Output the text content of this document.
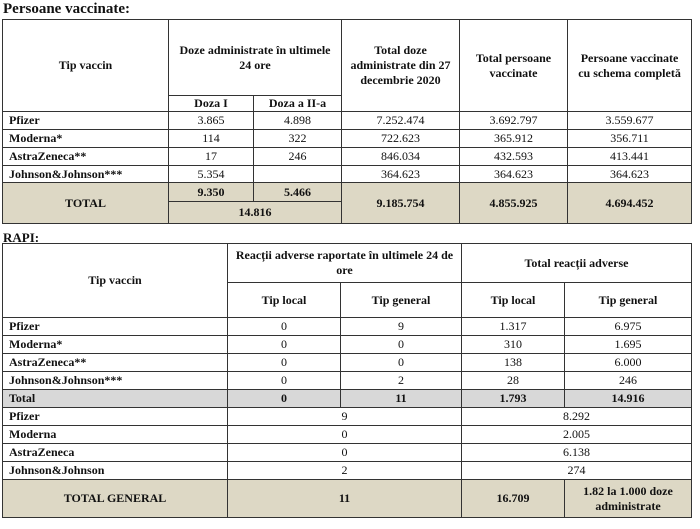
Persoane vaccinate:
Tip vaccin	Doze administrate în ultimele 24 ore		Total doze administrate din 27 decembrie 2020	Total persoane vaccinate	Persoane vaccinate cu schema completă
	Doza I	Doza a II-a			
Pfizer	3.865	4.898	7.252.474	3.692.797	3.559.677
Moderna*	114	322	722.623	365.912	356.711
AstraZeneca**	17	246	846.034	432.593	413.441
Johnson&Johnson***	5.354		364.623	364.623	364.623
TOTAL	9.350	5.466	9.185.754	4.855.925	4.694.452
	14.816				
RAPI:
Tip vaccin	Reacții adverse raportate în ultimele 24 de ore		Total reacții adverse	
	Tip local	Tip general	Tip local	Tip general
Pfizer	0	9	1.317	6.975
Moderna*	0	0	310	1.695
AstraZeneca**	0	0	138	6.000
Johnson&Johnson***	0	2	28	246
Total	0	11	1.793	14.916
Pfizer	9		8.292	
Moderna	0		2.005	
AstraZeneca	0		6.138	
Johnson&Johnson	2		274	
TOTAL GENERAL	11		16.709	1.82 la 1.000 doze administrate
